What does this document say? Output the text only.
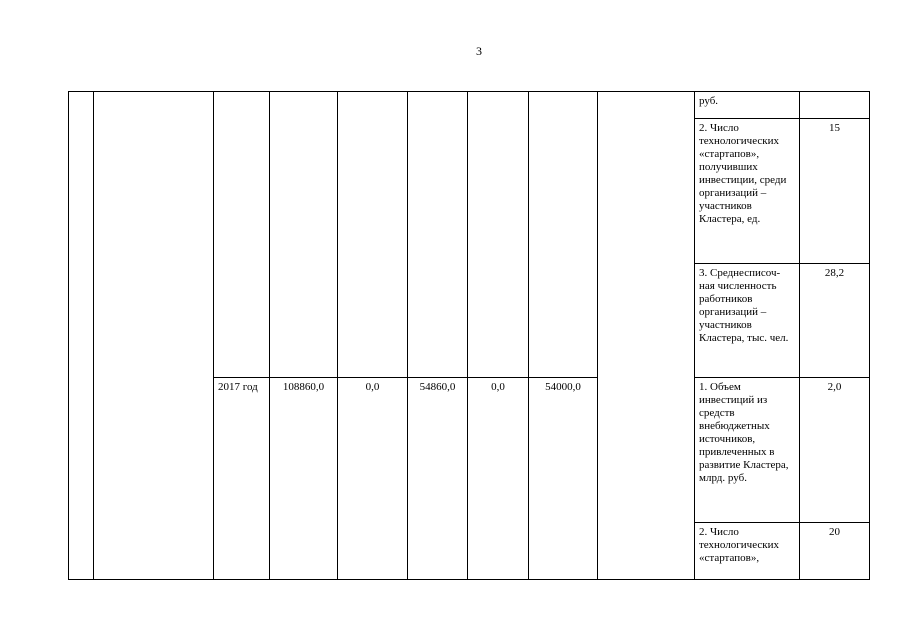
3
									руб.	
									2. Число технологических «стартапов», получивших инвестиции, среди организаций – участников Кластера, ед.	15
									3. Среднесписоч-ная численность работников организаций – участников Кластера, тыс. чел.	28,2
		2017 год	108860,0	0,0	54860,0	0,0	54000,0		1. Объем инвестиций из средств внебюджетных источников, привлеченных в развитие Кластера, млрд. руб.	2,0
									2. Число технологических «стартапов»,	20
